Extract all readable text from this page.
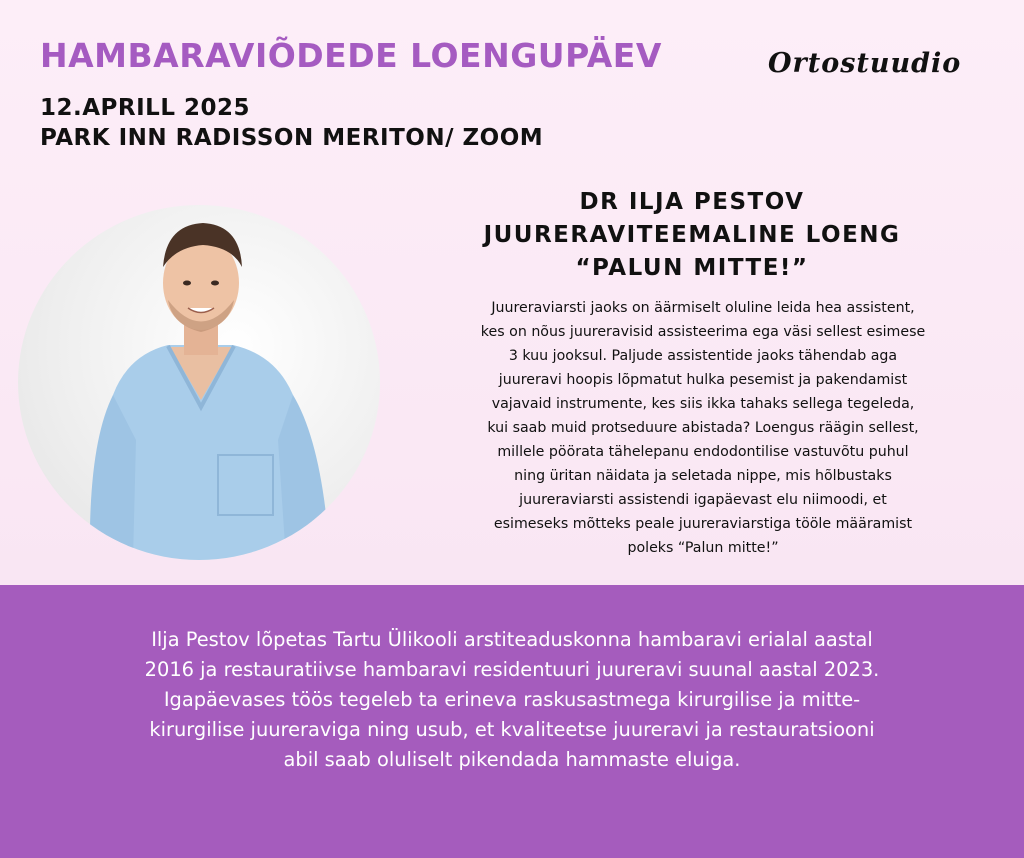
HAMBARAVIÕDEDE LOENGUPÄEV	Ortostuudio
12.APRILL 2025
PARK INN RADISSON MERITON/ ZOOM
DR ILJA PESTOV
JUURERAVITEEMALINE LOENG
“PALUN MITTE!”
Juureraviarsti jaoks on äärmiselt oluline leida hea assistent,
kes on nõus juureravisid assisteerima ega väsi sellest esimese
3 kuu jooksul. Paljude assistentide jaoks tähendab aga
juureravi hoopis lõpmatut hulka pesemist ja pakendamist
vajavaid instrumente, kes siis ikka tahaks sellega tegeleda,
kui saab muid protseduure abistada? Loengus räägin sellest,
millele pöörata tähelepanu endodontilise vastuvõtu puhul
ning üritan näidata ja seletada nippe, mis hõlbustaks
juureraviarsti assistendi igapäevast elu niimoodi, et
esimeseks mõtteks peale juureraviarstiga tööle määramist
poleks “Palun mitte!”
Ilja Pestov lõpetas Tartu Ülikooli arstiteaduskonna hambaravi erialal aastal
2016 ja restauratiivse hambaravi residentuuri juureravi suunal aastal 2023.
Igapäevases töös tegeleb ta erineva raskusastmega kirurgilise ja mitte-
kirurgilise juureraviga ning usub, et kvaliteetse juureravi ja restauratsiooni
abil saab oluliselt pikendada hammaste eluiga.
